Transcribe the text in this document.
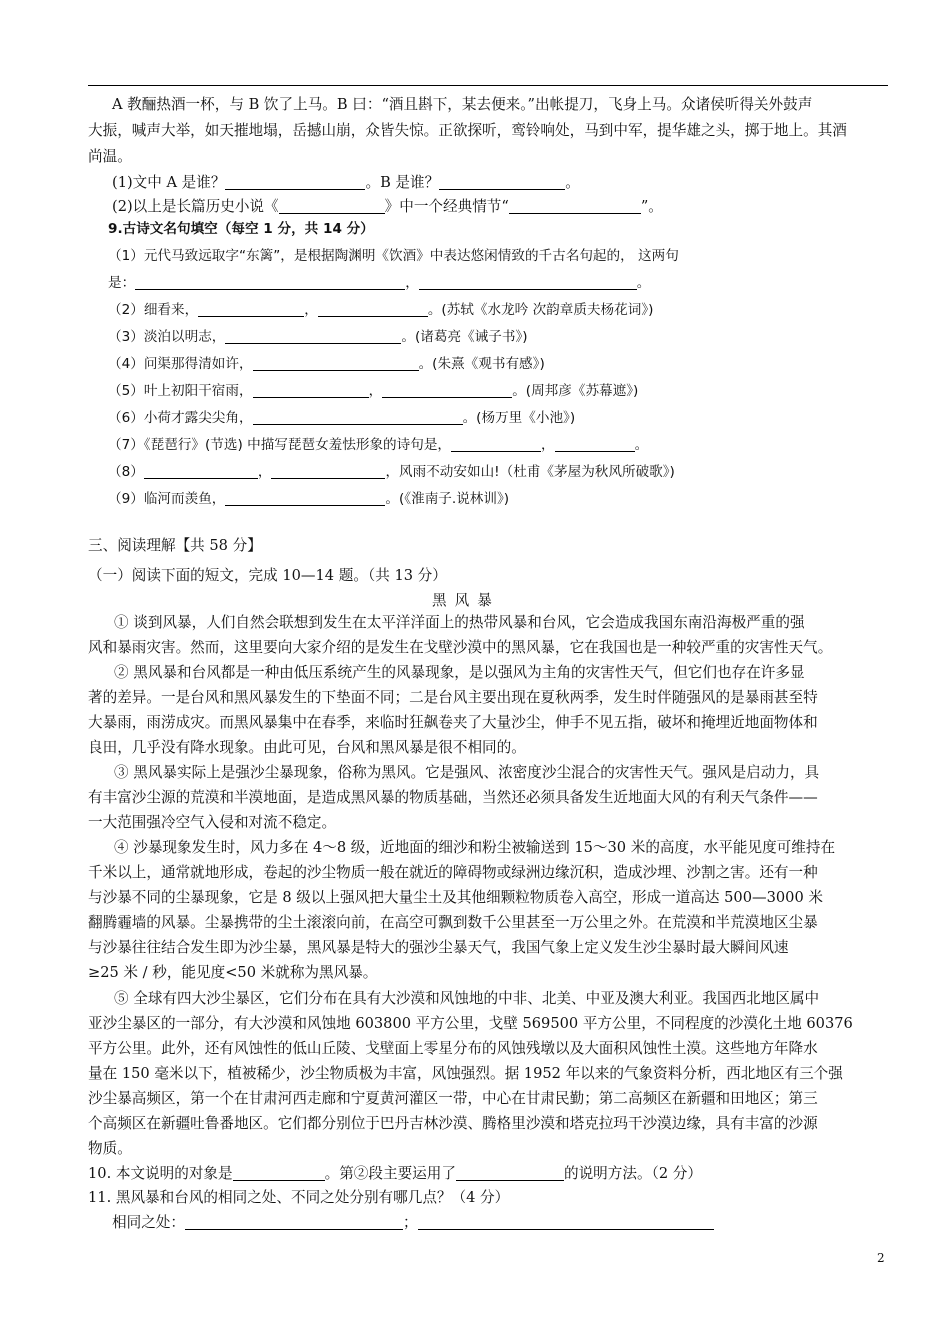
A 教酾热酒一杯，与 B 饮了上马。B 曰：“酒且斟下，某去便来。”出帐提刀，飞身上马。众诸侯听得关外鼓声
大振，喊声大举，如天摧地塌，岳撼山崩，众皆失惊。正欲探听，鸾铃响处，马到中军，提华雄之头，掷于地上。其酒
尚温。
(1)文中 A 是谁？	。B 是谁？	。
(2)以上是长篇历史小说《	》中一个经典情节“	”。
9.古诗文名句填空（每空 1 分，共 14 分）
（1）元代马致远取字“东篱”，是根据陶渊明《饮酒》中表达悠闲情致的千古名句起的， 这两句
是：	，	。
（2）细看来，	，	。(苏轼《水龙吟 次韵章质夫杨花词》)
（3）淡泊以明志，	。(诸葛亮《诫子书》)
（4）问渠那得清如许，	。(朱熹《观书有感》)
（5）叶上初阳干宿雨，	，	。(周邦彦《苏幕遮》)
（6）小荷才露尖尖角，	。(杨万里《小池》)
（7）《琵琶行》(节选) 中描写琵琶女羞怯形象的诗句是，	，	。
（8）	，	，风雨不动安如山!（杜甫《茅屋为秋风所破歌》)
（9）临河而羡鱼，	。(《淮南子.说林训》)
三、阅读理解【共 58 分】
（一）阅读下面的短文，完成 10—14 题。（共 13 分）
黑风暴
① 谈到风暴，人们自然会联想到发生在太平洋洋面上的热带风暴和台风，它会造成我国东南沿海极严重的强
风和暴雨灾害。然而，这里要向大家介绍的是发生在戈壁沙漠中的黑风暴，它在我国也是一种较严重的灾害性天气。
② 黑风暴和台风都是一种由低压系统产生的风暴现象，是以强风为主角的灾害性天气，但它们也存在许多显
著的差异。一是台风和黑风暴发生的下垫面不同；二是台风主要出现在夏秋两季，发生时伴随强风的是暴雨甚至特
大暴雨，雨涝成灾。而黑风暴集中在春季，来临时狂飙卷夹了大量沙尘，伸手不见五指，破坏和掩埋近地面物体和
良田，几乎没有降水现象。由此可见，台风和黑风暴是很不相同的。
③ 黑风暴实际上是强沙尘暴现象，俗称为黑风。它是强风、浓密度沙尘混合的灾害性天气。强风是启动力，具
有丰富沙尘源的荒漠和半漠地面，是造成黑风暴的物质基础，当然还必须具备发生近地面大风的有利天气条件——
一大范围强冷空气入侵和对流不稳定。
④ 沙暴现象发生时，风力多在 4～8 级，近地面的细沙和粉尘被输送到 15～30 米的高度，水平能见度可维持在
千米以上，通常就地形成，卷起的沙尘物质一般在就近的障碍物或绿洲边缘沉积，造成沙埋、沙割之害。还有一种
与沙暴不同的尘暴现象，它是 8 级以上强风把大量尘土及其他细颗粒物质卷入高空，形成一道高达 500—3000 米
翻腾霾墙的风暴。尘暴携带的尘土滚滚向前，在高空可飘到数千公里甚至一万公里之外。在荒漠和半荒漠地区尘暴
与沙暴往往结合发生即为沙尘暴，黑风暴是特大的强沙尘暴天气，我国气象上定义发生沙尘暴时最大瞬间风速
≥25 米 / 秒，能见度<50 米就称为黑风暴。
⑤ 全球有四大沙尘暴区，它们分布在具有大沙漠和风蚀地的中非、北美、中亚及澳大利亚。我国西北地区属中
亚沙尘暴区的一部分，有大沙漠和风蚀地 603800 平方公里，戈壁 569500 平方公里，不同程度的沙漠化土地 60376
平方公里。此外，还有风蚀性的低山丘陵、戈壁面上零星分布的风蚀残墩以及大面积风蚀性土漠。这些地方年降水
量在 150 毫米以下，植被稀少，沙尘物质极为丰富，风蚀强烈。据 1952 年以来的气象资料分析，西北地区有三个强
沙尘暴高频区，第一个在甘肃河西走廊和宁夏黄河灌区一带，中心在甘肃民勤；第二高频区在新疆和田地区；第三
个高频区在新疆吐鲁番地区。它们都分别位于巴丹吉林沙漠、腾格里沙漠和塔克拉玛干沙漠边缘，具有丰富的沙源
物质。
10. 本文说明的对象是	。第②段主要运用了	的说明方法。（2 分）
11. 黑风暴和台风的相同之处、不同之处分别有哪几点？（4 分）
相同之处：	；
2
